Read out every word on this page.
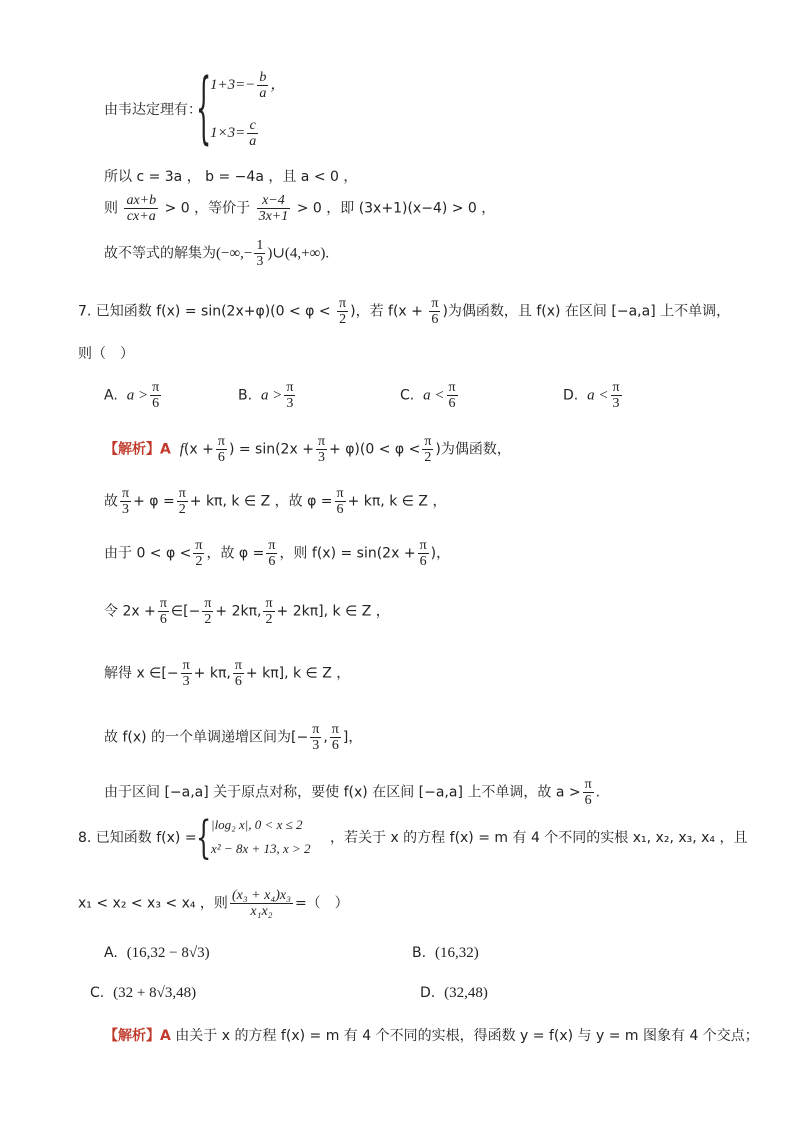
由韦达定理有：
{
$1+3=- \frac{b}{a}$ ，
$1\times 3= \frac{c}{a}$
所以 c = 3a ， b = −4a ，且 a < 0 ，
则 $\frac{ax+b}{cx+a} > 0$ ，等价于 $\frac{x-4}{3x+1} > 0$ ，即 (3x+1)(x−4) > 0 ，
故不等式的解集为(−∞,− $\frac{1}{3}$ )∪(4,+∞).
7. 已知函数 $f(x) = \sin(2x+\varphi)(0 < \varphi < \frac{\pi}{2}$ )，若 $f(x + \frac{\pi}{6}$ )为偶函数，且 f(x) 在区间 [−a,a] 上不单调，
则（　）
A. $a > \frac{\pi}{6}$	B. $a > \frac{\pi}{3}$	C. $a < \frac{\pi}{6}$	D. $a < \frac{\pi}{3}$
【解析】A $f(x + \frac{\pi}{6}$ ) = $\sin(2x + \frac{\pi}{3} + \varphi)(0 < \varphi < \frac{\pi}{2}$ )为偶函数，
故 $\frac{\pi}{3} + \varphi = \frac{\pi}{2} + k\pi$, k ∈ Z ，故 $\varphi = \frac{\pi}{6} + k\pi$, k ∈ Z ，
由于 $0 < \varphi < \frac{\pi}{2}$ ，故 $\varphi = \frac{\pi}{6}$ ，则 $f(x) = \sin(2x + \frac{\pi}{6}$ )，
令 $2x + \frac{\pi}{6}$ ∈[− $\frac{\pi}{2} + 2k\pi$, $\frac{\pi}{2} + 2k\pi$], k ∈ Z ，
解得 x ∈[− $\frac{\pi}{3} + k\pi$, $\frac{\pi}{6} + k\pi$], k ∈ Z ，
故 f(x) 的一个单调递增区间为[− $\frac{\pi}{3}$ , $\frac{\pi}{6}$ ]，
由于区间 [−a,a] 关于原点对称，要使 f(x) 在区间 [−a,a] 上不单调，故 $a > \frac{\pi}{6}$ .
8. 已知函数 f(x) = { |log₂ x|, 0 < x ≤ 2
x² − 8x + 13, x > 2
，若关于 x 的方程 f(x) = m 有 4 个不同的实根 x₁, x₂, x₃, x₄ ，且
x₁ < x₂ < x₃ < x₄ ，则 $\frac{\text{(x₃ + x₄)x₃}}{\text{x₁x₂}}$ =（　）
A. (16,32 − 8√3)	B. (16,32)
C. (32 + 8√3,48)	D. (32,48)
【解析】A 由关于 x 的方程 f(x) = m 有 4 个不同的实根，得函数 y = f(x) 与 y = m 图象有 4 个交点；
